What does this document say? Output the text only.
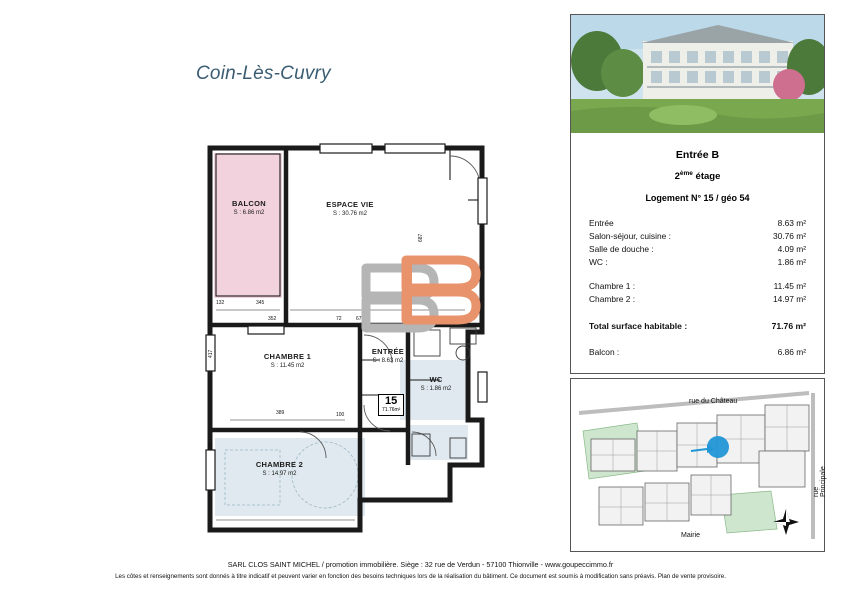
Coin-Lès-Cuvry
BALCON
S : 6.86 m2
ESPACE VIE
S : 30.76 m2
CHAMBRE 1
S : 11.45 m2
CHAMBRE 2
S : 14.97 m2
ENTRÉE
S : 8.63 m2
WC
S : 1.86 m2
132	345	646
687
352	72	67	185
389	100
370
417
15
71.76m²
Entrée B
2ème étage
Logement N° 15 / géo 54
Entrée	8.63 m²
Salon-séjour, cuisine :	30.76 m²
Salle de douche :	4.09 m²
WC :	1.86 m²
Chambre 1 :	11.45 m²
Chambre 2 :	14.97 m²
Total surface habitable :	71.76 m²
Balcon :	6.86 m²
rue du Château
rue Principale
Mairie
SARL CLOS SAINT MICHEL / promotion immobilière. Siège : 32 rue de Verdun - 57100 Thionville - www.goupeccimmo.fr
Les côtes et renseignements sont donnés à titre indicatif et peuvent varier en fonction des besoins techniques lors de la réalisation du bâtiment. Ce document est soumis à modification sans préavis. Plan de vente provisoire.
